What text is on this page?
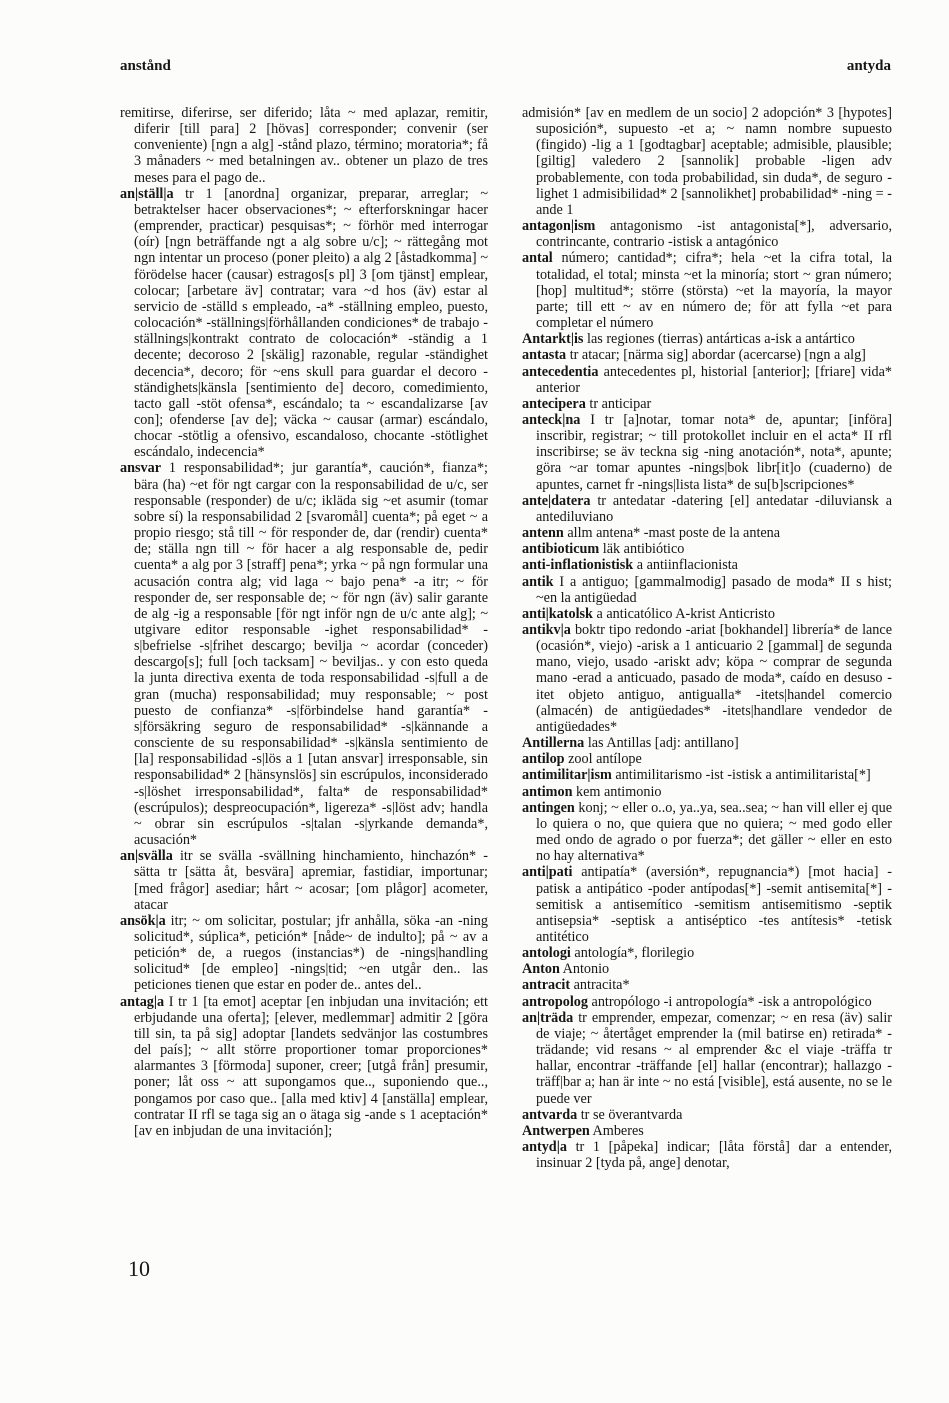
anstånd	antyda

remitirse, diferirse, ser diferido; låta ~ med aplazar, remitir, diferir [till para] 2 [hövas] corresponder; convenir (ser conveniente) [ngn a alg] -stånd plazo, término; moratoria*; få 3 månaders ~ med betalningen av.. obtener un plazo de tres meses para el pago de..

an|ställ|a tr 1 [anordna] organizar, preparar, arreglar; ~ betraktelser hacer observaciones*; ~ efterforskningar hacer (emprender, practicar) pesquisas*; ~ förhör med interrogar (oír) [ngn beträffande ngt a alg sobre u/c]; ~ rättegång mot ngn intentar un proceso (poner pleito) a alg 2 [åstadkomma] ~ förödelse hacer (causar) estragos[s pl] 3 [om tjänst] emplear, colocar; [arbetare äv] contratar; vara ~d hos (äv) estar al servicio de -ställd s empleado, -a* -ställning empleo, puesto, colocación* -ställnings|förhållanden condiciones* de trabajo -ställnings|kontrakt contrato de colocación* -ständig a 1 decente; decoroso 2 [skälig] razonable, regular -ständighet decencia*, decoro; för ~ens skull para guardar el decoro -ständighets|känsla [sentimiento de] decoro, comedimiento, tacto gall -stöt ofensa*, escándalo; ta ~ escandalizarse [av con]; ofenderse [av de]; väcka ~ causar (armar) escándalo, chocar -stötlig a ofensivo, escandaloso, chocante -stötlighet escándalo, indecencia*

ansvar 1 responsabilidad*; jur garantía*, caución*, fianza*; bära (ha) ~et för ngt cargar con la responsabilidad de u/c, ser responsable (responder) de u/c; ikläda sig ~et asumir (tomar sobre sí) la responsabilidad 2 [svaromål] cuenta*; på eget ~ a propio riesgo; stå till ~ för responder de, dar (rendir) cuenta* de; ställa ngn till ~ för hacer a alg responsable de, pedir cuenta* a alg por 3 [straff] pena*; yrka ~ på ngn formular una acusación contra alg; vid laga ~ bajo pena* -a itr; ~ för responder de, ser responsable de; ~ för ngn (äv) salir garante de alg -ig a responsable [för ngt inför ngn de u/c ante alg]; ~ utgivare editor responsable -ighet responsabilidad* -s|befrielse -s|frihet descargo; bevilja ~ acordar (conceder) descargo[s]; full [och tacksam] ~ beviljas.. y con esto queda la junta directiva exenta de toda responsabilidad -s|full a de gran (mucha) responsabilidad; muy responsable; ~ post puesto de confianza* -s|förbindelse hand garantía* -s|försäkring seguro de responsabilidad* -s|kännande a consciente de su responsabilidad* -s|känsla sentimiento de [la] responsabilidad -s|lös a 1 [utan ansvar] irresponsable, sin responsabilidad* 2 [hänsynslös] sin escrúpulos, inconsiderado -s|löshet irresponsabilidad*, falta* de responsabilidad* (escrúpulos); despreocupación*, ligereza* -s|löst adv; handla ~ obrar sin escrúpulos -s|talan -s|yrkande demanda*, acusación*

an|svälla itr se svälla -svällning hinchamiento, hinchazón* -sätta tr [sätta åt, besvära] apremiar, fastidiar, importunar; [med frågor] asediar; hårt ~ acosar; [om plågor] acometer, atacar

ansök|a itr; ~ om solicitar, postular; jfr anhålla, söka -an -ning solicitud*, súplica*, petición* [nåde~ de indulto]; på ~ av a petición* de, a ruegos (instancias*) de -nings|handling solicitud* [de empleo] -nings|tid; ~en utgår den.. las peticiones tienen que estar en poder de.. antes del..

antag|a I tr 1 [ta emot] aceptar [en inbjudan una invitación; ett erbjudande una oferta]; [elever, medlemmar] admitir 2 [göra till sin, ta på sig] adoptar [landets sedvänjor las costumbres del país]; ~ allt större proportioner tomar proporciones* alarmantes 3 [förmoda] suponer, creer; [utgå från] presumir, poner; låt oss ~ att supongamos que.., suponiendo que.., pongamos por caso que.. [alla med ktiv] 4 [anställa] emplear, contratar II rfl se taga sig an o ätaga sig -ande s 1 aceptación* [av en inbjudan de una invitación];

admisión* [av en medlem de un socio] 2 adopción* 3 [hypotes] suposición*, supuesto -et a; ~ namn nombre supuesto (fingido) -lig a 1 [godtagbar] aceptable; admisible, plausible; [giltig] valedero 2 [sannolik] probable -ligen adv probablemente, con toda probabilidad, sin duda*, de seguro -lighet 1 admisibilidad* 2 [sannolikhet] probabilidad* -ning = -ande 1

antagon|ism antagonismo -ist antagonista[*], adversario, contrincante, contrario -istisk a antagónico

antal número; cantidad*; cifra*; hela ~et la cifra total, la totalidad, el total; minsta ~et la minoría; stort ~ gran número; [hop] multitud*; större (största) ~et la mayoría, la mayor parte; till ett ~ av en número de; för att fylla ~et para completar el número

Antarkt|is las regiones (tierras) antárticas a-isk a antártico

antasta tr atacar; [närma sig] abordar (acercarse) [ngn a alg]

antecedentia antecedentes pl, historial [anterior]; [friare] vida* anterior

antecipera tr anticipar

anteck|na I tr [a]notar, tomar nota* de, apuntar; [införa] inscribir, registrar; ~ till protokollet incluir en el acta* II rfl inscribirse; se äv teckna sig -ning anotación*, nota*, apunte; göra ~ar tomar apuntes -nings|bok libr[it]o (cuaderno) de apuntes, carnet fr -nings|lista lista* de su[b]scripciones*

ante|datera tr antedatar -datering [el] antedatar -diluviansk a antediluviano

antenn allm antena* -mast poste de la antena

antibioticum läk antibiótico

anti-inflationistisk a antiinflacionista

antik I a antiguo; [gammalmodig] pasado de moda* II s hist; ~en la antigüedad

anti|katolsk a anticatólico A-krist Anticristo

antikv|a boktr tipo redondo -ariat [bokhandel] librería* de lance (ocasión*, viejo) -arisk a 1 anticuario 2 [gammal] de segunda mano, viejo, usado -ariskt adv; köpa ~ comprar de segunda mano -erad a anticuado, pasado de moda*, caído en desuso -itet objeto antiguo, antigualla* -itets|handel comercio (almacén) de antigüedades* -itets|handlare vendedor de antigüedades*

Antillerna las Antillas [adj: antillano]

antilop zool antílope

antimilitar|ism antimilitarismo -ist -istisk a antimilitarista[*]

antimon kem antimonio

antingen konj; ~ eller o..o, ya..ya, sea..sea; ~ han vill eller ej que lo quiera o no, que quiera que no quiera; ~ med godo eller med ondo de agrado o por fuerza*; det gäller ~ eller en esto no hay alternativa*

anti|pati antipatía* (aversión*, repugnancia*) [mot hacia] -patisk a antipático -poder antípodas[*] -semit antisemita[*] -semitisk a antisemítico -semitism antisemitismo -septik antisepsia* -septisk a antiséptico -tes antítesis* -tetisk antitético

antologi antología*, florilegio

Anton Antonio

antracit antracita*

antropolog antropólogo -i antropología* -isk a antropológico

an|träda tr emprender, empezar, comenzar; ~ en resa (äv) salir de viaje; ~ återtåget emprender la (mil batirse en) retirada* -trädande; vid resans ~ al emprender &c el viaje -träffa tr hallar, encontrar -träffande [el] hallar (encontrar); hallazgo -träff|bar a; han är inte ~ no está [visible], está ausente, no se le puede ver

antvarda tr se överantvarda

Antwerpen Amberes

antyd|a tr 1 [påpeka] indicar; [låta förstå] dar a entender, insinuar 2 [tyda på, ange] denotar,

10
